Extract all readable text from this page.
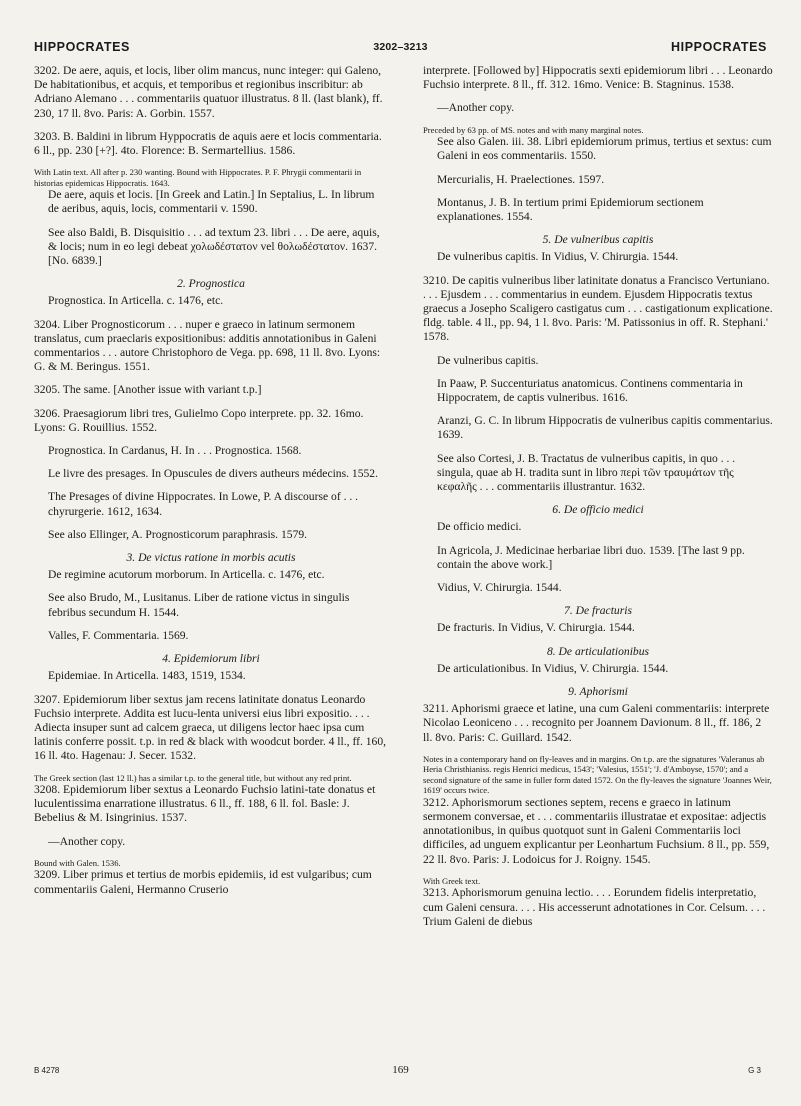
HIPPOCRATES	3202–3213	HIPPOCRATES
3202. De aere, aquis, et locis, liber olim mancus, nunc integer: qui Galeno, De habitationibus, et acquis, et temporibus et regionibus inscribitur: ab Adriano Alemano . . . commentariis quatuor illustratus. 8 ll. (last blank), ff. 230, 17 ll. 8vo. Paris: A. Gorbin. 1557.
3203. B. Baldini in librum Hyppocratis de aquis aere et locis commentaria. 6 ll., pp. 230 [+?]. 4to. Florence: B. Sermartellius. 1586.
With Latin text. All after p. 230 wanting. Bound with Hippocrates. P. F. Phrygii commentarii in historias epidemicas Hippocratis. 1643.
De aere, aquis et locis. [In Greek and Latin.] In Septalius, L. In librum de aeribus, aquis, locis, commentarii v. 1590.
See also Baldi, B. Disquisitio . . . ad textum 23. libri . . . De aere, aquis, & locis; num in eo legi debeat χολωδέστατον vel θολωδέστατον. 1637. [No. 6839.]
2. Prognostica
Prognostica. In Articella. c. 1476, etc.
3204. Liber Prognosticorum . . . nuper e graeco in latinum sermonem translatus, cum praeclaris expositionibus: additis annotationibus in Galeni commentarios . . . autore Christophoro de Vega. pp. 698, 11 ll. 8vo. Lyons: G. & M. Beringus. 1551.
3205. The same. [Another issue with variant t.p.]
3206. Praesagiorum libri tres, Gulielmo Copo interprete. pp. 32. 16mo. Lyons: G. Rouillius. 1552.
Prognostica. In Cardanus, H. In . . . Prognostica. 1568.
Le livre des presages. In Opuscules de divers autheurs médecins. 1552.
The Presages of divine Hippocrates. In Lowe, P. A discourse of . . . chyrurgerie. 1612, 1634.
See also Ellinger, A. Prognosticorum paraphrasis. 1579.
3. De victus ratione in morbis acutis
De regimine acutorum morborum. In Articella. c. 1476, etc.
See also Brudo, M., Lusitanus. Liber de ratione victus in singulis febribus secundum H. 1544.
Valles, F. Commentaria. 1569.
4. Epidemiorum libri
Epidemiae. In Articella. 1483, 1519, 1534.
3207. Epidemiorum liber sextus jam recens latinitate donatus Leonardo Fuchsio interprete. Addita est lucu-lenta universi eius libri expositio. . . . Adiecta insuper sunt ad calcem graeca, ut diligens lector haec ipsa cum latinis conferre possit. t.p. in red & black with woodcut border. 4 ll., ff. 160, 16 ll. 4to. Hagenau: J. Secer. 1532.
The Greek section (last 12 ll.) has a similar t.p. to the general title, but without any red print.
3208. Epidemiorum liber sextus a Leonardo Fuchsio latini-tate donatus et luculentissima enarratione illustratus. 6 ll., ff. 188, 6 ll. fol. Basle: J. Bebelius & M. Isingrinius. 1537.
—Another copy.
Bound with Galen. 1536.
3209. Liber primus et tertius de morbis epidemiis, id est vulgaribus; cum commentariis Galeni, Hermanno Cruserio
interprete. [Followed by] Hippocratis sexti epidemiorum libri . . . Leonardo Fuchsio interprete. 8 ll., ff. 312. 16mo. Venice: B. Stagninus. 1538.
—Another copy.
Preceded by 63 pp. of MS. notes and with many marginal notes.
See also Galen. iii. 38. Libri epidemiorum primus, tertius et sextus: cum Galeni in eos commentariis. 1550.
Mercurialis, H. Praelectiones. 1597.
Montanus, J. B. In tertium primi Epidemiorum sectionem explanationes. 1554.
5. De vulneribus capitis
De vulneribus capitis. In Vidius, V. Chirurgia. 1544.
3210. De capitis vulneribus liber latinitate donatus a Francisco Vertuniano. . . . Ejusdem . . . commentarius in eundem. Ejusdem Hippocratis textus graecus a Josepho Scaligero castigatus cum . . . castigationum explicatione. fldg. table. 4 ll., pp. 94, 1 l. 8vo. Paris: 'M. Patissonius in off. R. Stephani.' 1578.
De vulneribus capitis.
In Paaw, P. Succenturiatus anatomicus. Continens commentaria in Hippocratem, de captis vulneribus. 1616.
Aranzi, G. C. In librum Hippocratis de vulneribus capitis commentarius. 1639.
See also Cortesi, J. B. Tractatus de vulneribus capitis, in quo . . . singula, quae ab H. tradita sunt in libro περὶ τῶν τραυμάτων τῆς κεφαλῆς . . . commentariis illustrantur. 1632.
6. De officio medici
De officio medici.
In Agricola, J. Medicinae herbariae libri duo. 1539. [The last 9 pp. contain the above work.]
Vidius, V. Chirurgia. 1544.
7. De fracturis
De fracturis. In Vidius, V. Chirurgia. 1544.
8. De articulationibus
De articulationibus. In Vidius, V. Chirurgia. 1544.
9. Aphorismi
3211. Aphorismi graece et latine, una cum Galeni commentariis: interprete Nicolao Leoniceno . . . recognito per Joannem Davionum. 8 ll., ff. 186, 2 ll. 8vo. Paris: C. Guillard. 1542.
Notes in a contemporary hand on fly-leaves and in margins. On t.p. are the signatures 'Valeranus ab Heria Christhianiss. regis Henrici medicus, 1543'; 'Valesius, 1551'; 'J. d'Amboyse, 1570'; and a second signature of the same in fuller form dated 1572. On the fly-leaves the signature 'Joannes Weir, 1619' occurs twice.
3212. Aphorismorum sectiones septem, recens e graeco in latinum sermonem conversae, et . . . commentariis illustratae et expositae: adjectis annotationibus, in quibus quotquot sunt in Galeni Commentariis loci difficiles, ad unguem explicantur per Leonhartum Fuchsium. 8 ll., pp. 559, 22 ll. 8vo. Paris: J. Lodoicus for J. Roigny. 1545.
With Greek text.
3213. Aphorismorum genuina lectio. . . . Eorundem fidelis interpretatio, cum Galeni censura. . . . His accesserunt adnotationes in Cor. Celsum. . . . Trium Galeni de diebus
B 4278	169	G 3
